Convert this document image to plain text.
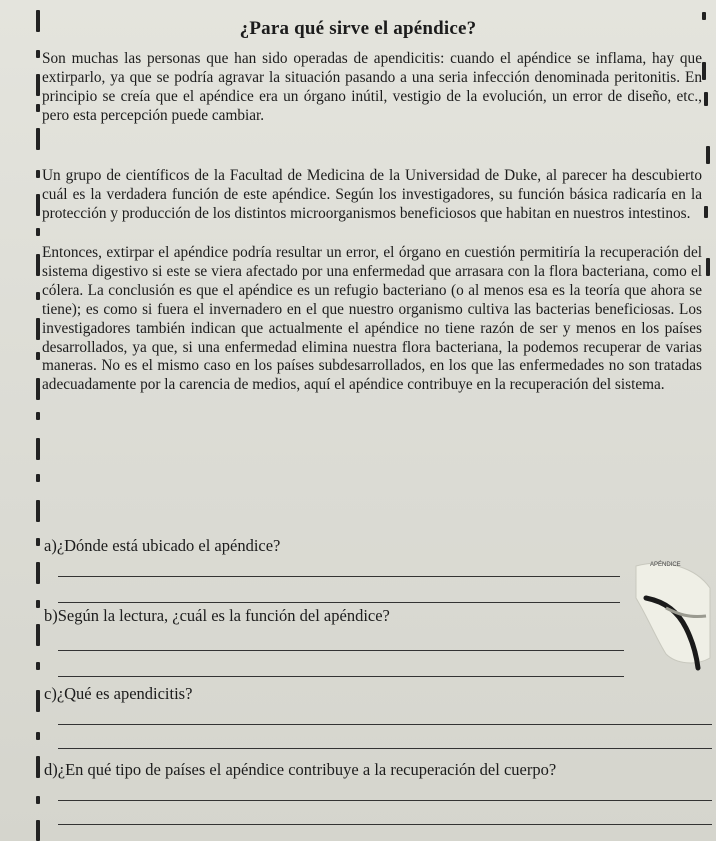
¿Para qué sirve el apéndice?

Son muchas las personas que han sido operadas de apendicitis: cuando el apéndice se inflama, hay que extirparlo, ya que se podría agravar la situación pasando a una seria infección denominada peritonitis. En principio se creía que el apéndice era un órgano inútil, vestigio de la evolución, un error de diseño, etc., pero esta percepción puede cambiar.

Un grupo de científicos de la Facultad de Medicina de la Universidad de Duke, al parecer ha descubierto cuál es la verdadera función de este apéndice. Según los investigadores, su función básica radicaría en la protección y producción de los distintos microorganismos beneficiosos que habitan en nuestros intestinos.

Entonces, extirpar el apéndice podría resultar un error, el órgano en cuestión permitiría la recuperación del sistema digestivo si este se viera afectado por una enfermedad que arrasara con la flora bacteriana, como el cólera. La conclusión es que el apéndice es un refugio bacteriano (o al menos esa es la teoría que ahora se tiene); es como si fuera el invernadero en el que nuestro organismo cultiva las bacterias beneficiosas. Los investigadores también indican que actualmente el apéndice no tiene razón de ser y menos en los países desarrollados, ya que, si una enfermedad elimina nuestra flora bacteriana, la podemos recuperar de varias maneras. No es el mismo caso en los países subdesarrollados, en los que las enfermedades no son tratadas adecuadamente por la carencia de medios, aquí el apéndice contribuye en la recuperación del sistema.

a)¿Dónde está ubicado el apéndice?

b)Según la lectura, ¿cuál es la función del apéndice?

c)¿Qué es apendicitis?

d)¿En qué tipo de países el apéndice contribuye a la recuperación del cuerpo?

APÉNDICE
